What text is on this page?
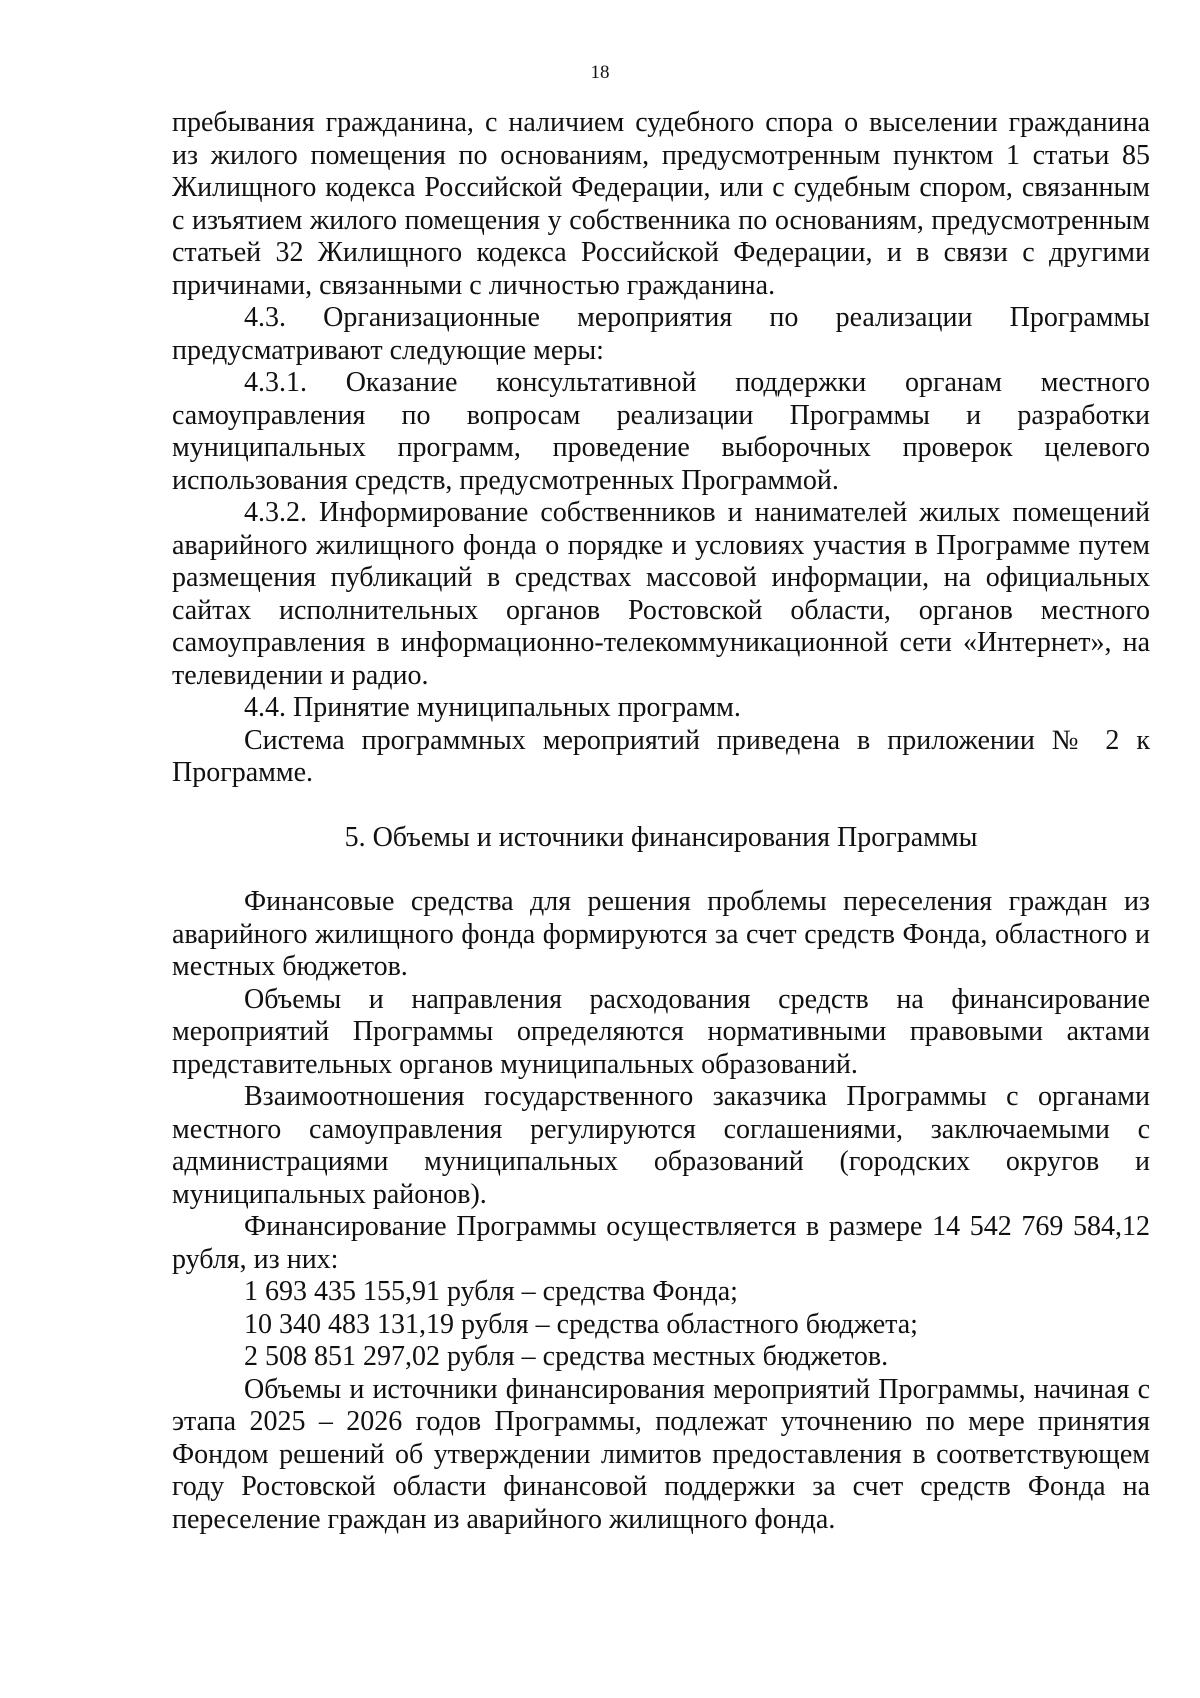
18

пребывания гражданина, с наличием судебного спора о выселении гражданина из жилого помещения по основаниям, предусмотренным пунктом 1 статьи 85 Жилищного кодекса Российской Федерации, или с судебным спором, связанным с изъятием жилого помещения у собственника по основаниям, предусмотренным статьей 32 Жилищного кодекса Российской Федерации, и в связи с другими причинами, связанными с личностью гражданина.

4.3. Организационные мероприятия по реализации Программы предусматривают следующие меры:

4.3.1. Оказание консультативной поддержки органам местного самоуправления по вопросам реализации Программы и разработки муниципальных программ, проведение выборочных проверок целевого использования средств, предусмотренных Программой.

4.3.2. Информирование собственников и нанимателей жилых помещений аварийного жилищного фонда о порядке и условиях участия в Программе путем размещения публикаций в средствах массовой информации, на официальных сайтах исполнительных органов Ростовской области, органов местного самоуправления в информационно-телекоммуникационной сети «Интернет», на телевидении и радио.

4.4. Принятие муниципальных программ.

Система программных мероприятий приведена в приложении № 2 к Программе.

5. Объемы и источники финансирования Программы

Финансовые средства для решения проблемы переселения граждан из аварийного жилищного фонда формируются за счет средств Фонда, областного и местных бюджетов.

Объемы и направления расходования средств на финансирование мероприятий Программы определяются нормативными правовыми актами представительных органов муниципальных образований.

Взаимоотношения государственного заказчика Программы с органами местного самоуправления регулируются соглашениями, заключаемыми с администрациями муниципальных образований (городских округов и муниципальных районов).

Финансирование Программы осуществляется в размере 14 542 769 584,12 рубля, из них:

1 693 435 155,91 рубля – средства Фонда;

10 340 483 131,19 рубля – средства областного бюджета;

2 508 851 297,02 рубля – средства местных бюджетов.

Объемы и источники финансирования мероприятий Программы, начиная с этапа 2025 – 2026 годов Программы, подлежат уточнению по мере принятия Фондом решений об утверждении лимитов предоставления в соответствующем году Ростовской области финансовой поддержки за счет средств Фонда на переселение граждан из аварийного жилищного фонда.
